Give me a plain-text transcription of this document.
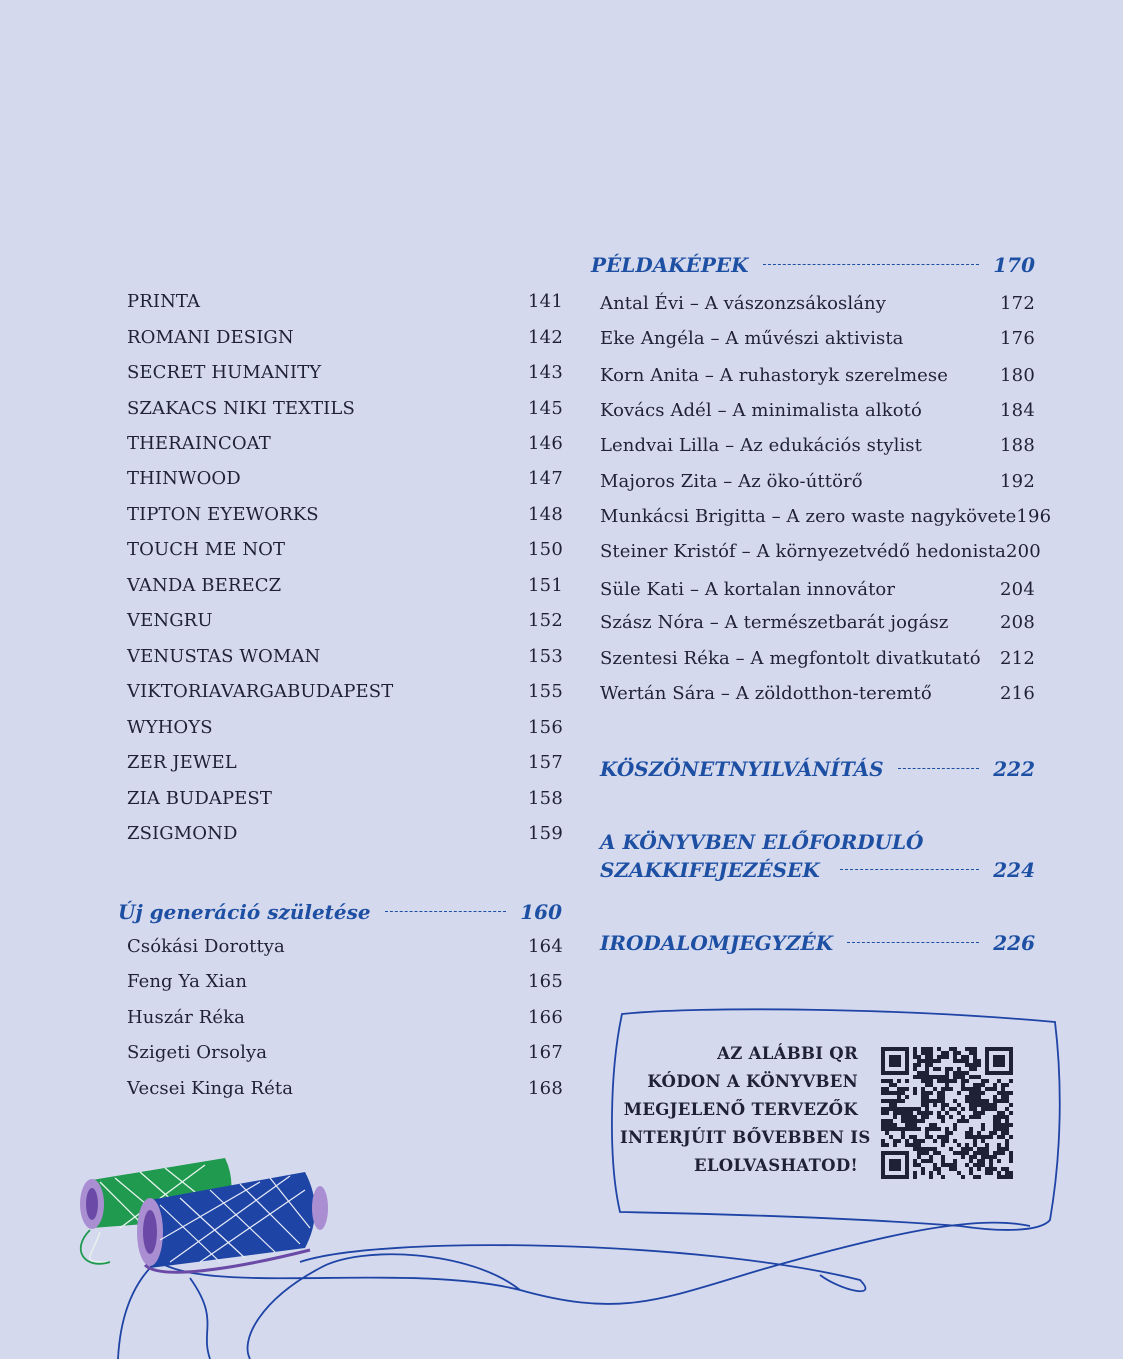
PRINTA	141
ROMANI DESIGN	142
SECRET HUMANITY	143
SZAKACS NIKI TEXTILS	145
THERAINCOAT	146
THINWOOD	147
TIPTON EYEWORKS	148
TOUCH ME NOT	150
VANDA BERECZ	151
VENGRU	152
VENUSTAS WOMAN	153
VIKTORIAVARGABUDAPEST	155
WYHOYS	156
ZER JEWEL	157
ZIA BUDAPEST	158
ZSIGMOND	159
Új generáció születése	160
Csókási Dorottya	164
Feng Ya Xian	165
Huszár Réka	166
Szigeti Orsolya	167
Vecsei Kinga Réta	168
PÉLDAKÉPEK	170
Antal Évi – A vászonzsákoslány	172
Eke Angéla – A művészi aktivista	176
Korn Anita – A ruhastoryk szerelmese	180
Kovács Adél – A minimalista alkotó	184
Lendvai Lilla – Az edukációs stylist	188
Majoros Zita – Az öko-úttörő	192
Munkácsi Brigitta – A zero waste nagykövete 196
Steiner Kristóf – A környezetvédő hedonista 200
Süle Kati – A kortalan innovátor	204
Szász Nóra – A természetbarát jogász	208
Szentesi Réka – A megfontolt divatkutató 212
Wertán Sára – A zöldotthon-teremtő	216
KÖSZÖNETNYILVÁNÍTÁS	222
A KÖNYVBEN ELŐFORDULÓ
SZAKKIFEJEZÉSEK	224
IRODALOMJEGYZÉK	226
AZ ALÁBBI QR
KÓDON A KÖNYVBEN
MEGJELENŐ TERVEZŐK
INTERJÚIT BŐVEBBEN IS
ELOLVASHATOD!
